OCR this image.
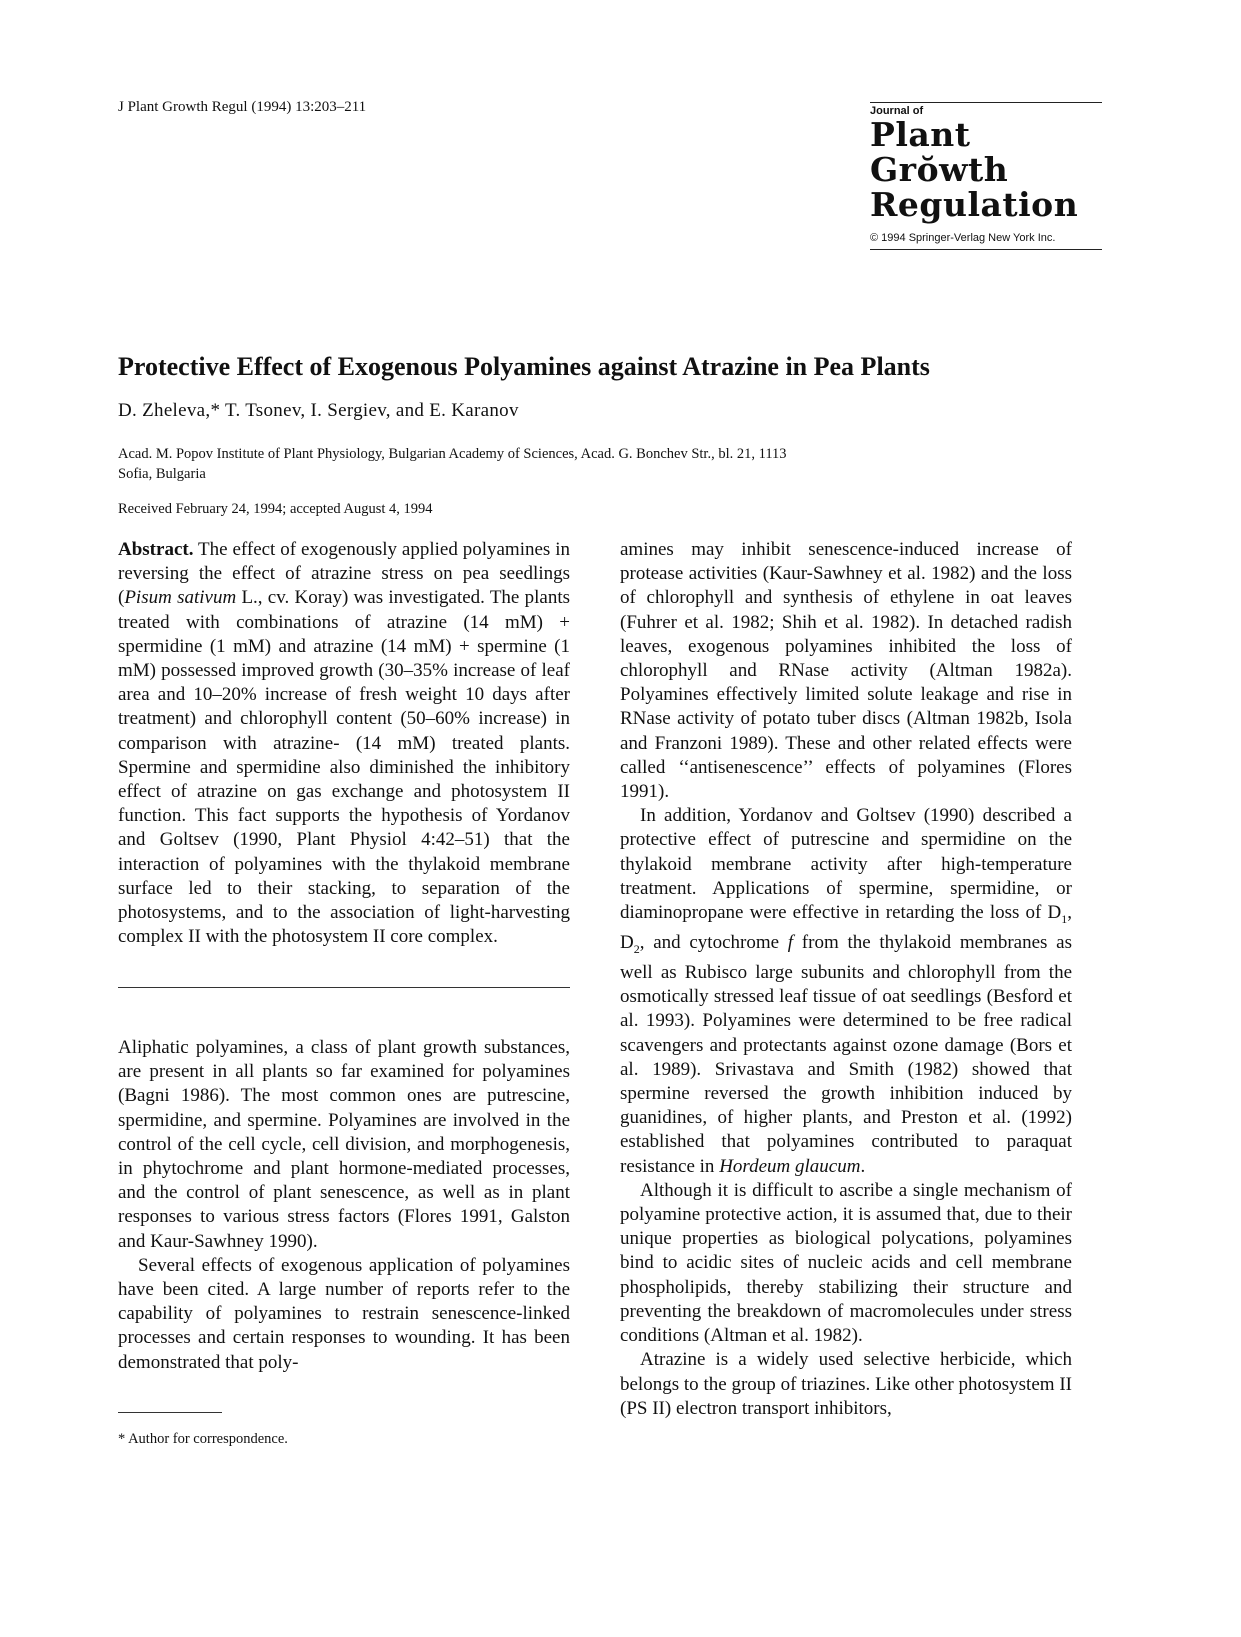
J Plant Growth Regul (1994) 13:203–211	Journal of
Plant
Grŏwth
Regulation
© 1994 Springer-Verlag New York Inc.
Protective Effect of Exogenous Polyamines against Atrazine in Pea Plants
D. Zheleva,* T. Tsonev, I. Sergiev, and E. Karanov
Acad. M. Popov Institute of Plant Physiology, Bulgarian Academy of Sciences, Acad. G. Bonchev Str., bl. 21, 1113
Sofia, Bulgaria
Received February 24, 1994; accepted August 4, 1994

Abstract. The effect of exogenously applied polyamines in reversing the effect of atrazine stress on pea seedlings (Pisum sativum L., cv. Koray) was investigated. The plants treated with combinations of atrazine (14 mM) + spermidine (1 mM) and atrazine (14 mM) + spermine (1 mM) possessed improved growth (30–35% increase of leaf area and 10–20% increase of fresh weight 10 days after treatment) and chlorophyll content (50–60% increase) in comparison with atrazine- (14 mM) treated plants. Spermine and spermidine also diminished the inhibitory effect of atrazine on gas exchange and photosystem II function. This fact supports the hypothesis of Yordanov and Goltsev (1990, Plant Physiol 4:42–51) that the interaction of polyamines with the thylakoid membrane surface led to their stacking, to separation of the photosystems, and to the association of light-harvesting complex II with the photosystem II core complex.

Aliphatic polyamines, a class of plant growth substances, are present in all plants so far examined for polyamines (Bagni 1986). The most common ones are putrescine, spermidine, and spermine. Polyamines are involved in the control of the cell cycle, cell division, and morphogenesis, in phytochrome and plant hormone-mediated processes, and the control of plant senescence, as well as in plant responses to various stress factors (Flores 1991, Galston and Kaur-Sawhney 1990).

Several effects of exogenous application of polyamines have been cited. A large number of reports refer to the capability of polyamines to restrain senescence-linked processes and certain responses to wounding. It has been demonstrated that poly-

amines may inhibit senescence-induced increase of protease activities (Kaur-Sawhney et al. 1982) and the loss of chlorophyll and synthesis of ethylene in oat leaves (Fuhrer et al. 1982; Shih et al. 1982). In detached radish leaves, exogenous polyamines inhibited the loss of chlorophyll and RNase activity (Altman 1982a). Polyamines effectively limited solute leakage and rise in RNase activity of potato tuber discs (Altman 1982b, Isola and Franzoni 1989). These and other related effects were called ‘‘antisenescence’’ effects of polyamines (Flores 1991).

In addition, Yordanov and Goltsev (1990) described a protective effect of putrescine and spermidine on the thylakoid membrane activity after high-temperature treatment. Applications of spermine, spermidine, or diaminopropane were effective in retarding the loss of $D_1$, $D_2$, and cytochrome f from the thylakoid membranes as well as Rubisco large subunits and chlorophyll from the osmotically stressed leaf tissue of oat seedlings (Besford et al. 1993). Polyamines were determined to be free radical scavengers and protectants against ozone damage (Bors et al. 1989). Srivastava and Smith (1982) showed that spermine reversed the growth inhibition induced by guanidines, of higher plants, and Preston et al. (1992) established that polyamines contributed to paraquat resistance in Hordeum glaucum.

Although it is difficult to ascribe a single mechanism of polyamine protective action, it is assumed that, due to their unique properties as biological polycations, polyamines bind to acidic sites of nucleic acids and cell membrane phospholipids, thereby stabilizing their structure and preventing the breakdown of macromolecules under stress conditions (Altman et al. 1982).

Atrazine is a widely used selective herbicide, which belongs to the group of triazines. Like other photosystem II (PS II) electron transport inhibitors,

* Author for correspondence.
